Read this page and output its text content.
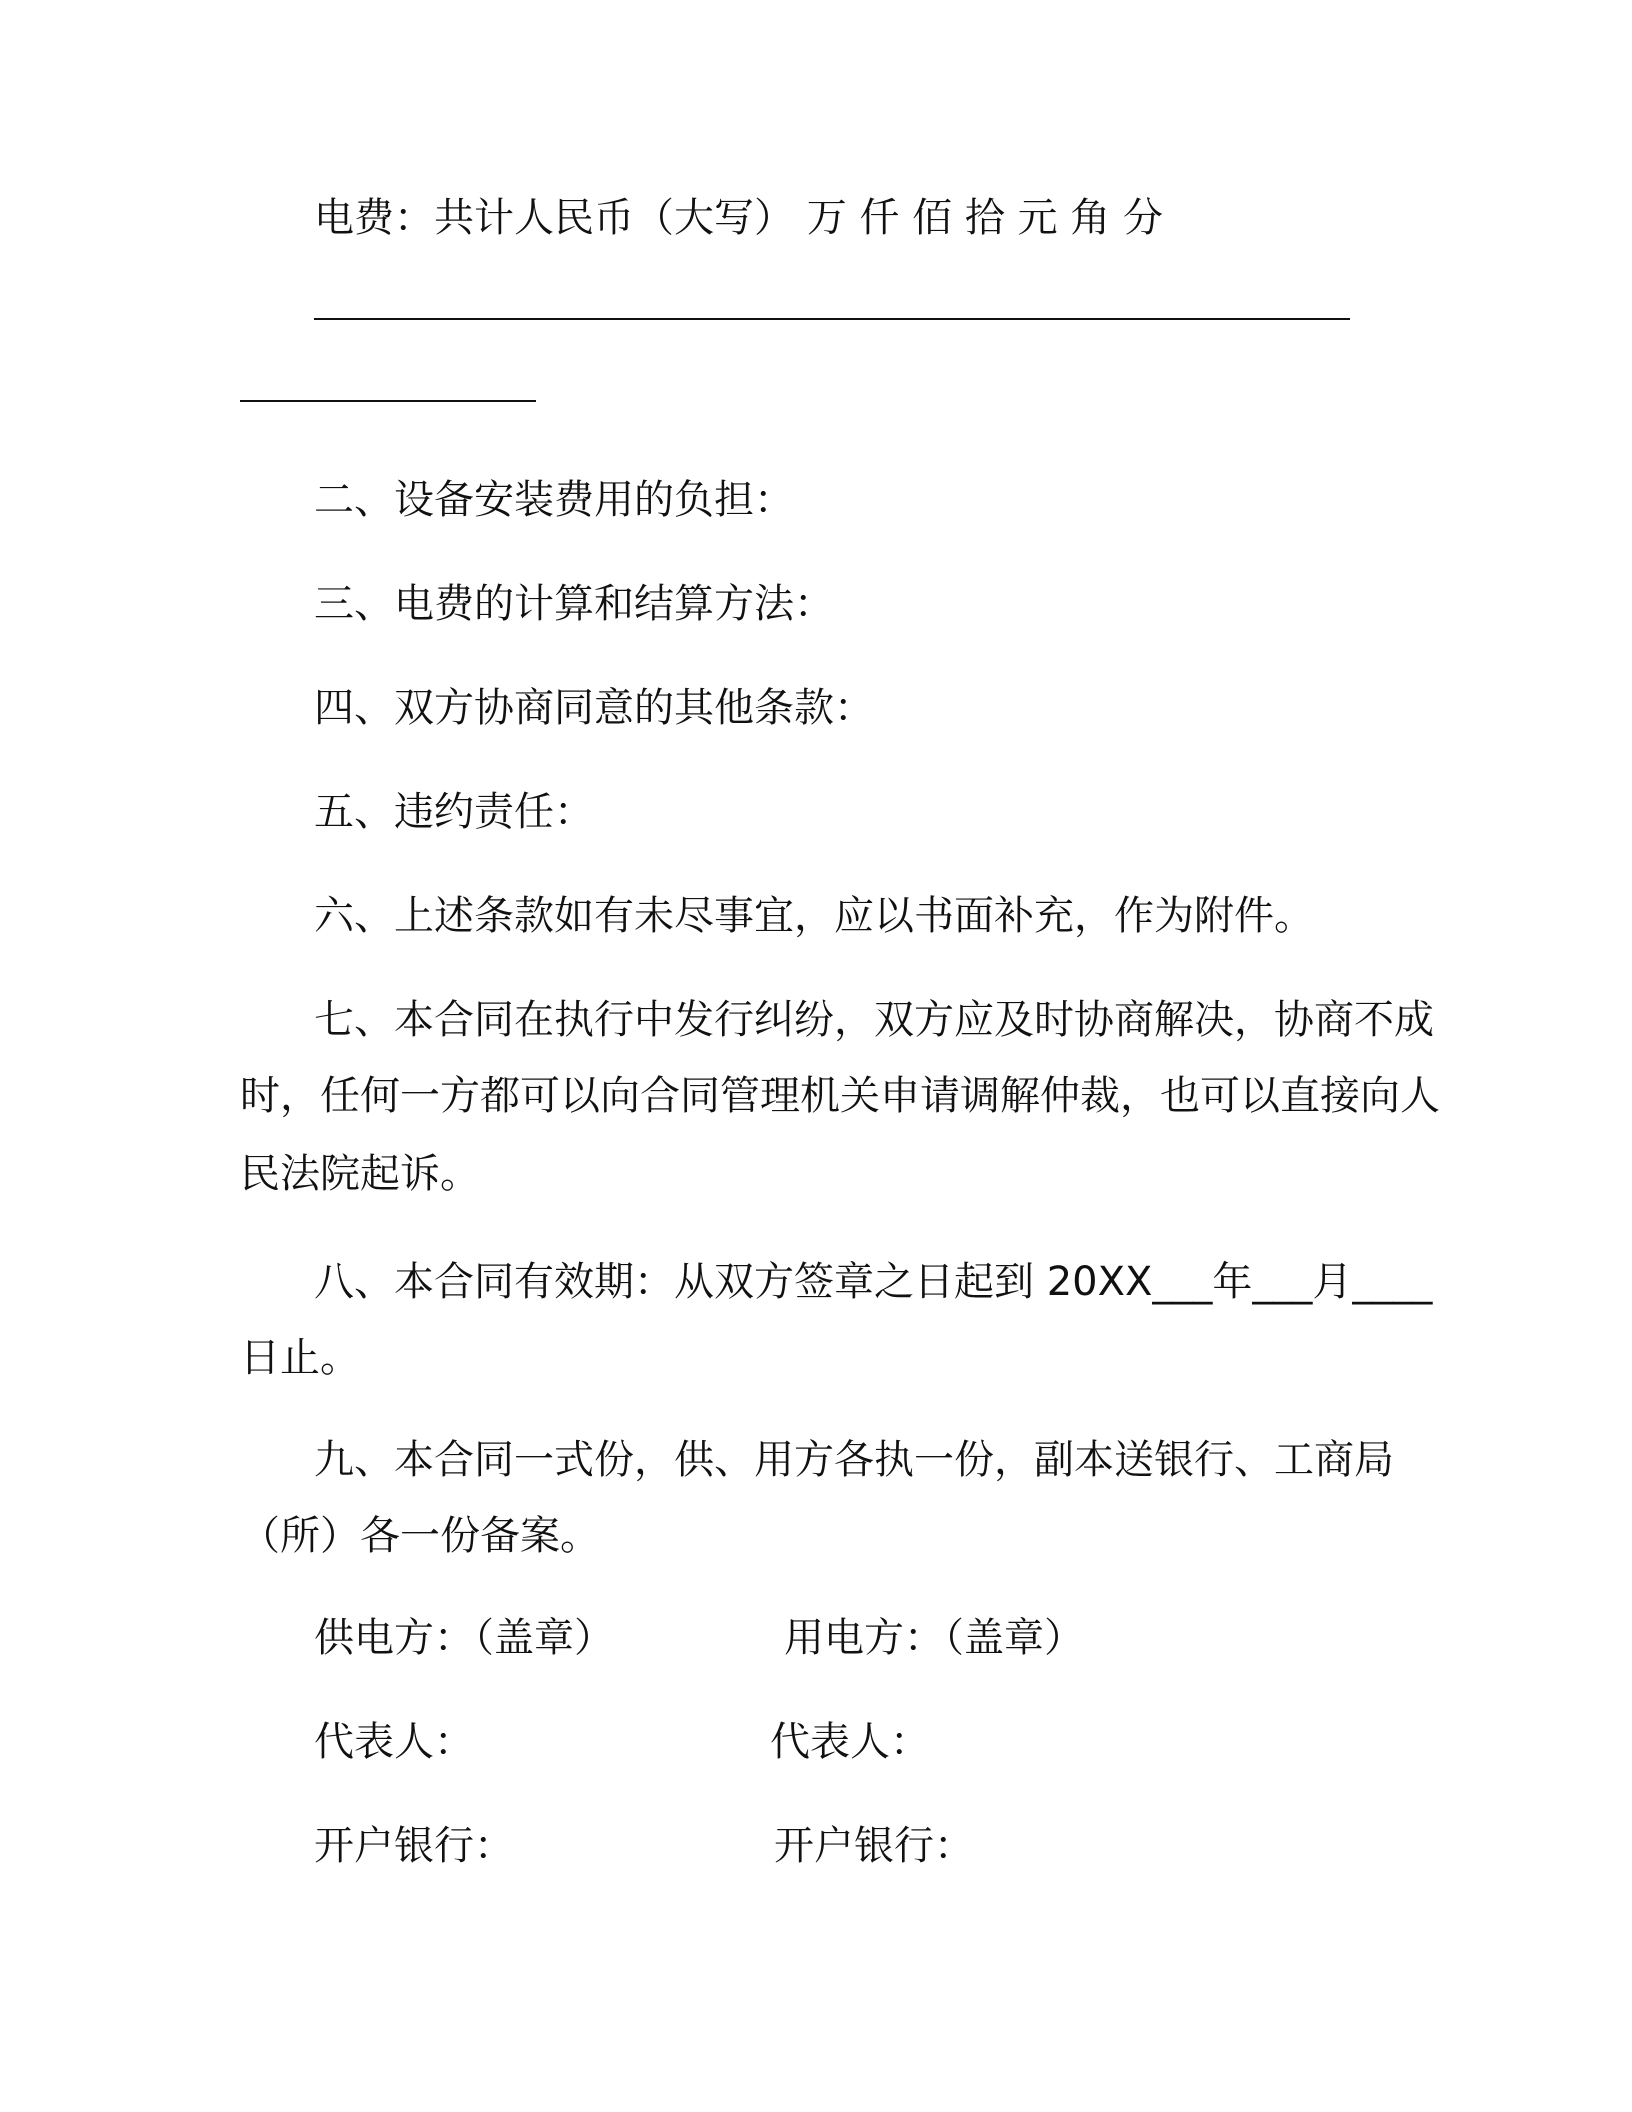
电费：共计人民币（大写） 万 仟 佰 拾 元 角 分
二、设备安装费用的负担：
三、电费的计算和结算方法：
四、双方协商同意的其他条款：
五、违约责任：
六、上述条款如有未尽事宜，应以书面补充，作为附件。
七、本合同在执行中发行纠纷，双方应及时协商解决，协商不成
时，任何一方都可以向合同管理机关申请调解仲裁，也可以直接向人
民法院起诉。
八、本合同有效期：从双方签章之日起到 20XX___年___月____
日止。
九、本合同一式份，供、用方各执一份，副本送银行、工商局
（所）各一份备案。
供电方：（盖章）	用电方：（盖章）
代表人：	代表人：
开户银行：	开户银行：
